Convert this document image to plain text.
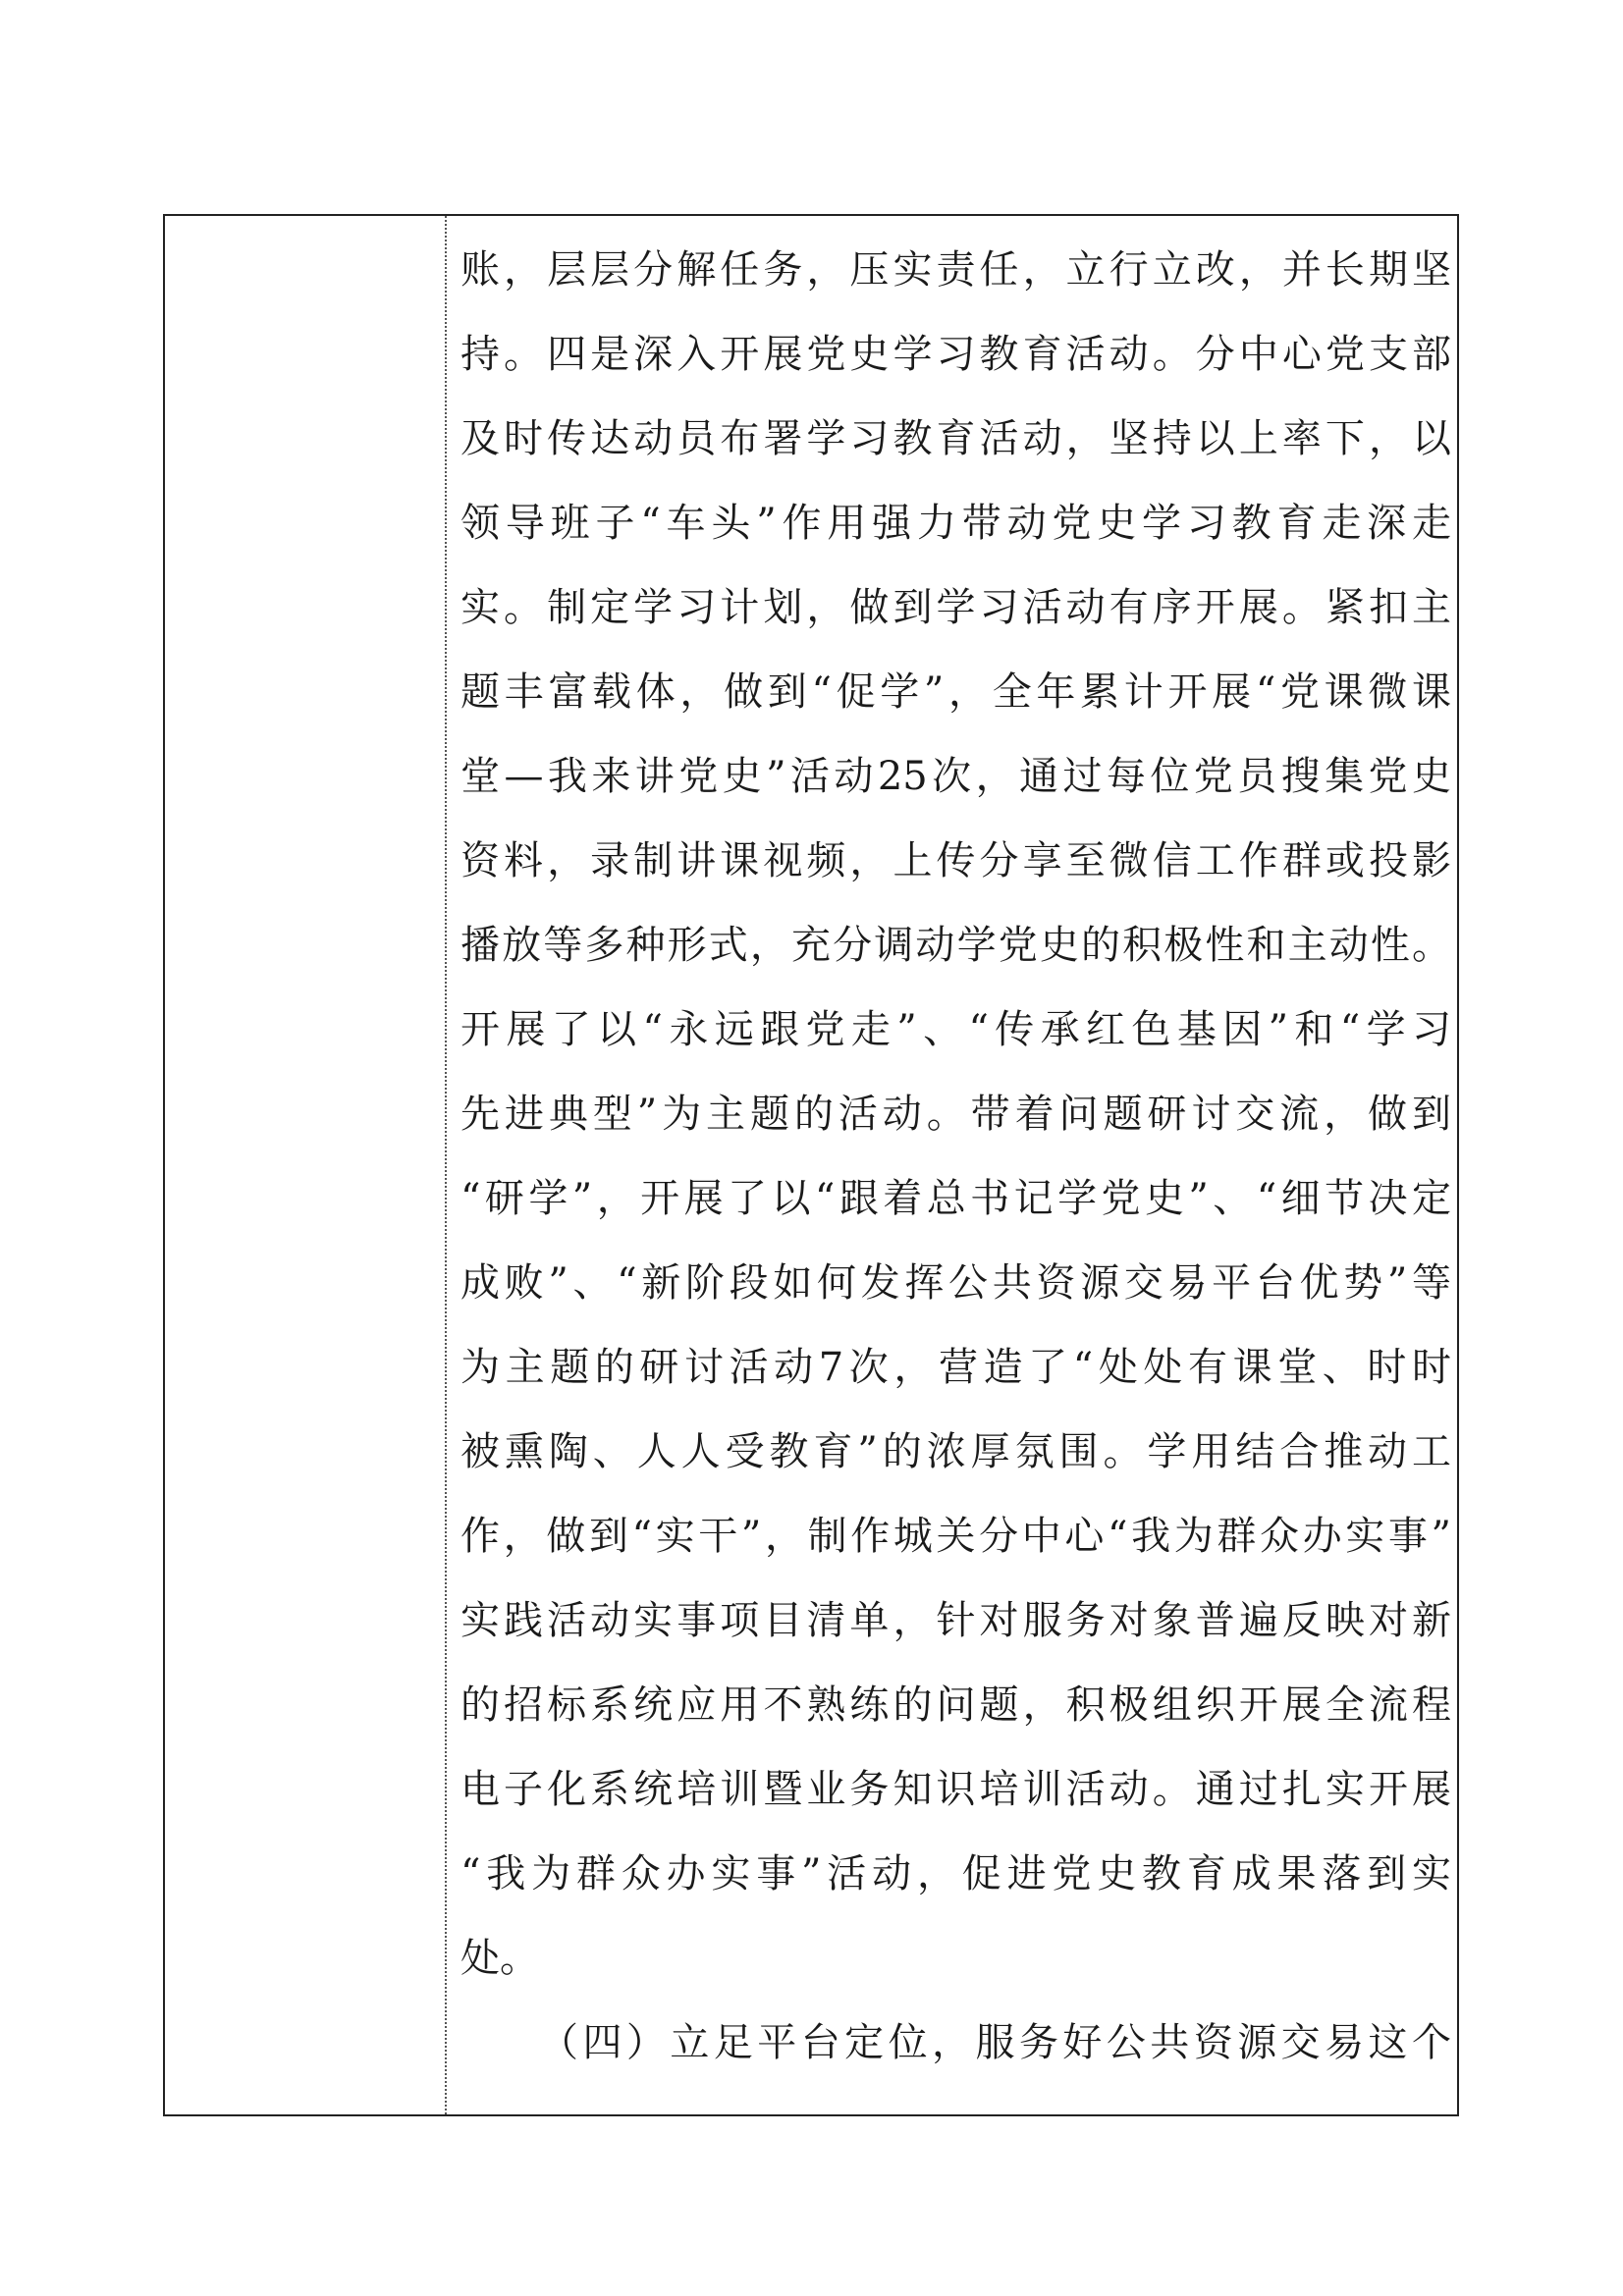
账，层层分解任务，压实责任，立行立改，并长期坚
持。四是深入开展党史学习教育活动。分中心党支部
及时传达动员布署学习教育活动，坚持以上率下，以
领导班子“车头”作用强力带动党史学习教育走深走
实。制定学习计划，做到学习活动有序开展。紧扣主
题丰富载体，做到“促学”，全年累计开展“党课微课
堂—我来讲党史”活动25次，通过每位党员搜集党史
资料，录制讲课视频，上传分享至微信工作群或投影
播放等多种形式，充分调动学党史的积极性和主动性。
开展了以“永远跟党走”、“传承红色基因”和“学习
先进典型”为主题的活动。带着问题研讨交流，做到
“研学”，开展了以“跟着总书记学党史”、“细节决定
成败”、“新阶段如何发挥公共资源交易平台优势”等
为主题的研讨活动7次，营造了“处处有课堂、时时
被熏陶、人人受教育”的浓厚氛围。学用结合推动工
作，做到“实干”，制作城关分中心“我为群众办实事”
实践活动实事项目清单，针对服务对象普遍反映对新
的招标系统应用不熟练的问题，积极组织开展全流程
电子化系统培训暨业务知识培训活动。通过扎实开展
“我为群众办实事”活动，促进党史教育成果落到实
处。
（四）立足平台定位，服务好公共资源交易这个
